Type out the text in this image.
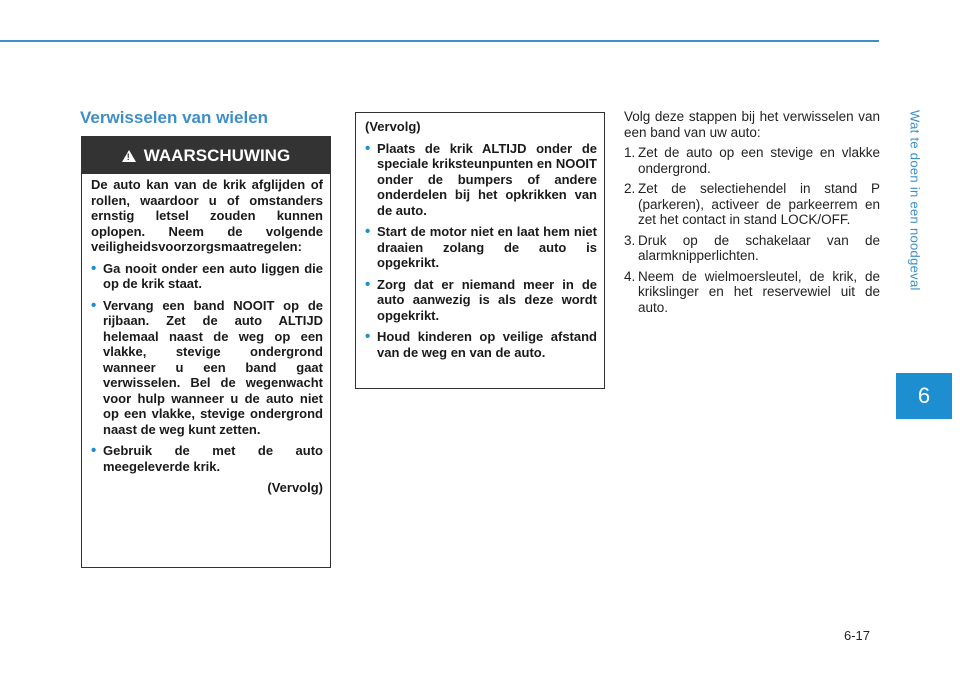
Wat te doen in een noodgeval
6
Verwisselen van wielen
!
WAARSCHUWING

De auto kan van de krik afglijden of rollen, waardoor u of omstanders ernstig letsel zouden kunnen oplopen. Neem de volgende veiligheidsvoorzorgsmaatregelen:

• Ga nooit onder een auto liggen die op de krik staat.
• Vervang een band NOOIT op de rijbaan. Zet de auto ALTIJD helemaal naast de weg op een vlakke, stevige ondergrond wanneer u een band gaat verwisselen. Bel de wegenwacht voor hulp wanneer u de auto niet op een vlakke, stevige ondergrond naast de weg kunt zetten.
• Gebruik de met de auto meegeleverde krik.
(Vervolg)

(Vervolg)

• Plaats de krik ALTIJD onder de speciale kriksteunpunten en NOOIT onder de bumpers of andere onderdelen bij het opkrikken van de auto.
• Start de motor niet en laat hem niet draaien zolang de auto is opgekrikt.
• Zorg dat er niemand meer in de auto aanwezig is als deze wordt opgekrikt.
• Houd kinderen op veilige afstand van de weg en van de auto.

Volg deze stappen bij het verwisselen van een band van uw auto:

1. Zet de auto op een stevige en vlakke ondergrond.
2. Zet de selectiehendel in stand P (parkeren), activeer de parkeerrem en zet het contact in stand LOCK/OFF.
3. Druk op de schakelaar van de alarmknipperlichten.
4. Neem de wielmoersleutel, de krik, de krikslinger en het reservewiel uit de auto.
6-17
